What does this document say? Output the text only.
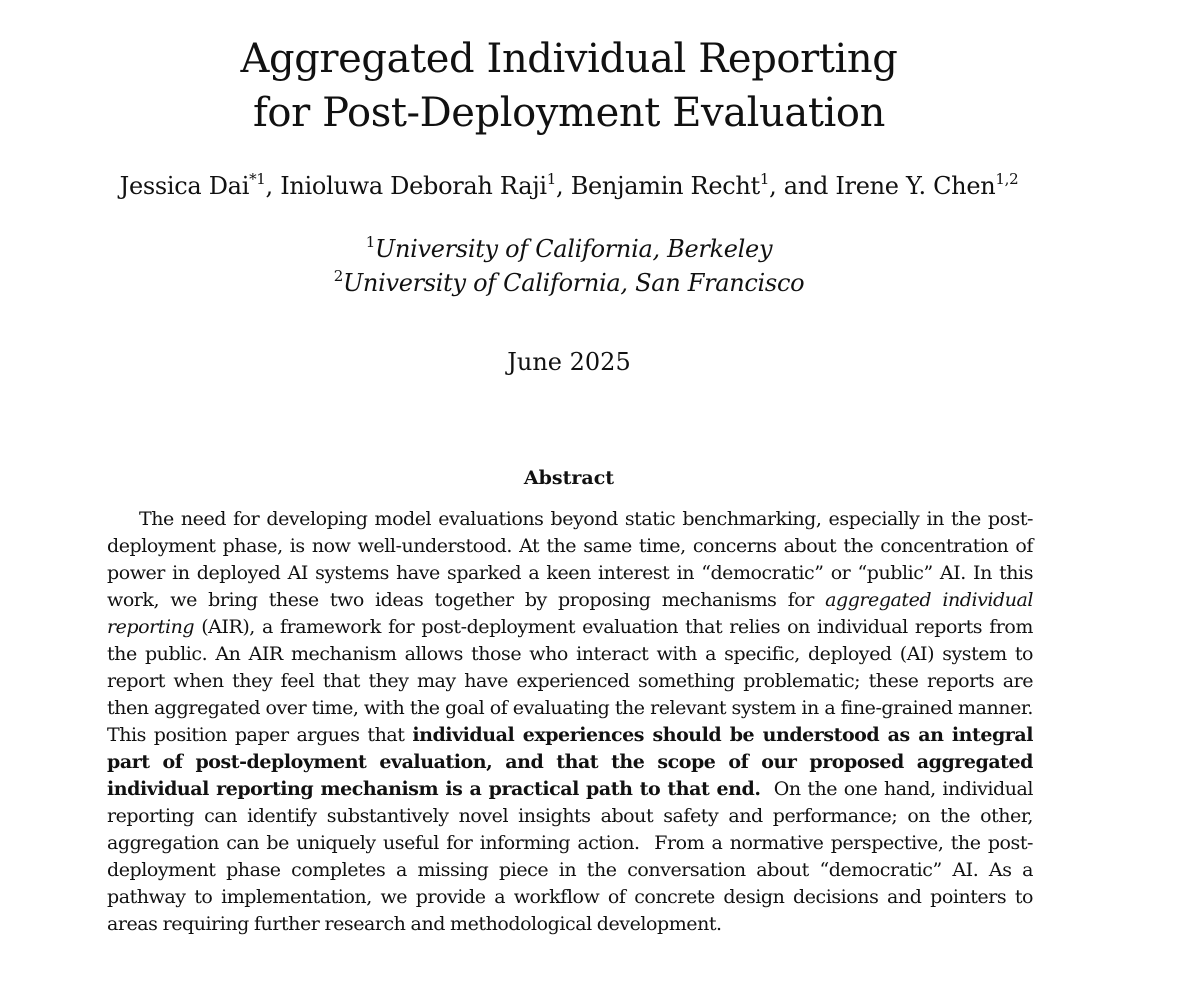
Aggregated Individual Reporting
for Post-Deployment Evaluation
Jessica Dai$^{*1}$, Inioluwa Deborah Raji$^1$, Benjamin Recht$^1$, and Irene Y. Chen$^{1,2}$
$^1$University of California, Berkeley
$^2$University of California, San Francisco
June 2025
Abstract

The need for developing model evaluations beyond static benchmarking, especially in the post-deployment phase, is now well-understood. At the same time, concerns about the concentration of power in deployed AI systems have sparked a keen interest in “democratic” or “public” AI. In this work, we bring these two ideas together by proposing mechanisms for aggregated individual reporting (AIR), a framework for post-deployment evaluation that relies on individual reports from the public. An AIR mechanism allows those who interact with a specific, deployed (AI) system to report when they feel that they may have experienced something problematic; these reports are then aggregated over time, with the goal of evaluating the relevant system in a fine-grained manner. This position paper argues that individual experiences should be understood as an integral part of post-deployment evaluation, and that the scope of our proposed aggregated individual reporting mechanism is a practical path to that end.  On the one hand, individual reporting can identify substantively novel insights about safety and performance; on the other, aggregation can be uniquely useful for informing action.  From a normative perspective, the post-deployment phase completes a missing piece in the conversation about “democratic” AI. As a pathway to implementation, we provide a workflow of concrete design decisions and pointers to areas requiring further research and methodological development.
